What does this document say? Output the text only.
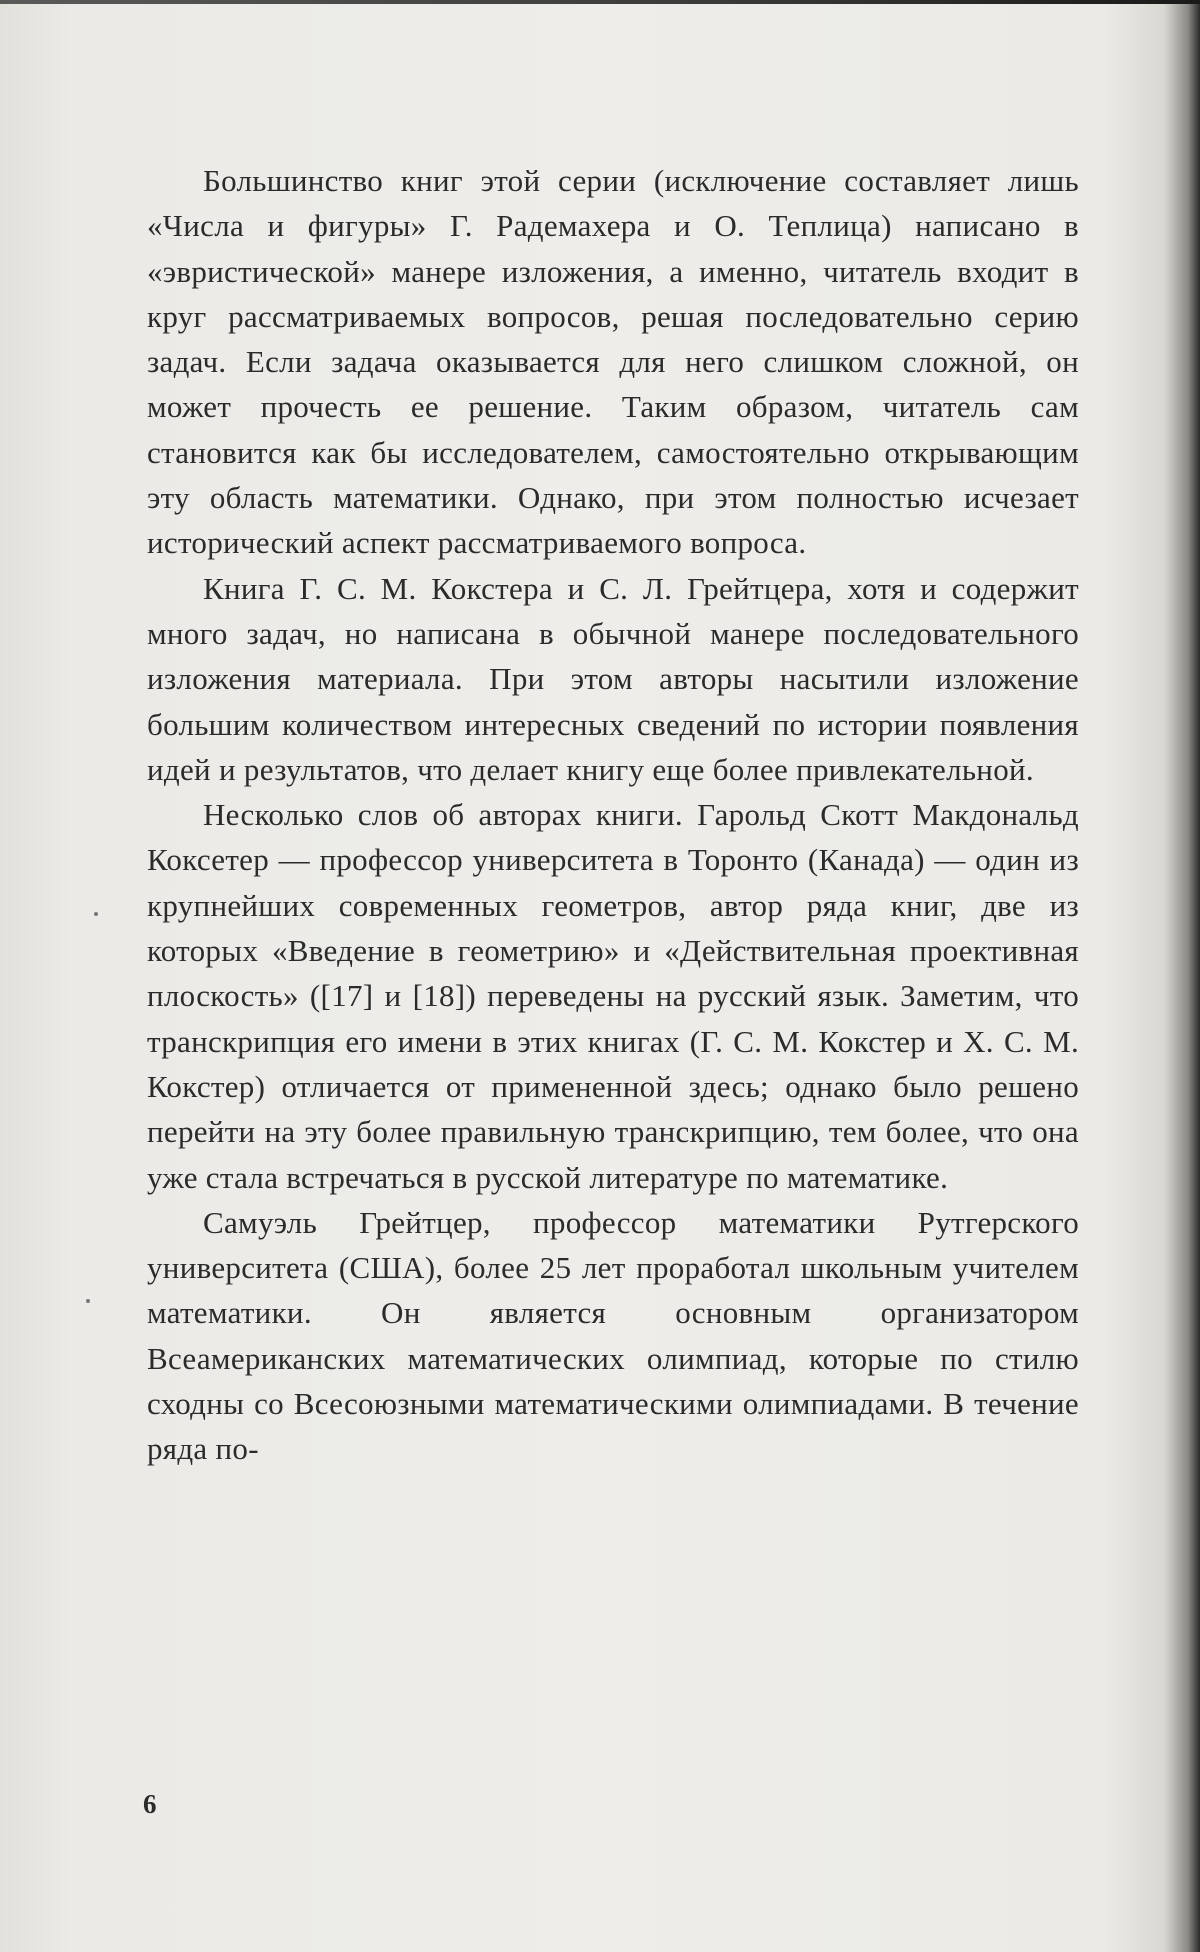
Большинство книг этой серии (исключение составляет лишь «Числа и фигуры» Г. Радемахера и О. Теплица) написано в «эвристической» манере изложения, а именно, читатель входит в круг рассматриваемых вопросов, решая последовательно серию задач. Если задача оказывается для него слишком сложной, он может прочесть ее решение. Таким образом, читатель сам становится как бы исследователем, самостоятельно открывающим эту область математики. Однако, при этом полностью исчезает исторический аспект рассматриваемого вопроса.

Книга Г. С. М. Кокстера и С. Л. Грейтцера, хотя и содержит много задач, но написана в обычной манере последовательного изложения материала. При этом авторы насытили изложение большим количеством интересных сведений по истории появления идей и результатов, что делает книгу еще более привлекательной.

Несколько слов об авторах книги. Гарольд Скотт Макдональд Коксетер — профессор университета в Торонто (Канада) — один из крупнейших современных геометров, автор ряда книг, две из которых «Введение в геометрию» и «Действительная проективная плоскость» ([17] и [18]) переведены на русский язык. Заметим, что транскрипция его имени в этих книгах (Г. С. М. Кокстер и Х. С. М. Кокстер) отличается от примененной здесь; однако было решено перейти на эту более правильную транскрипцию, тем более, что она уже стала встречаться в русской литературе по математике.

Самуэль Грейтцер, профессор математики Рутгерского университета (США), более 25 лет проработал школьным учителем математики. Он является основным организатором Всеамериканских математических олимпиад, которые по стилю сходны со Всесоюзными математическими олимпиадами. В течение ряда по-

6
